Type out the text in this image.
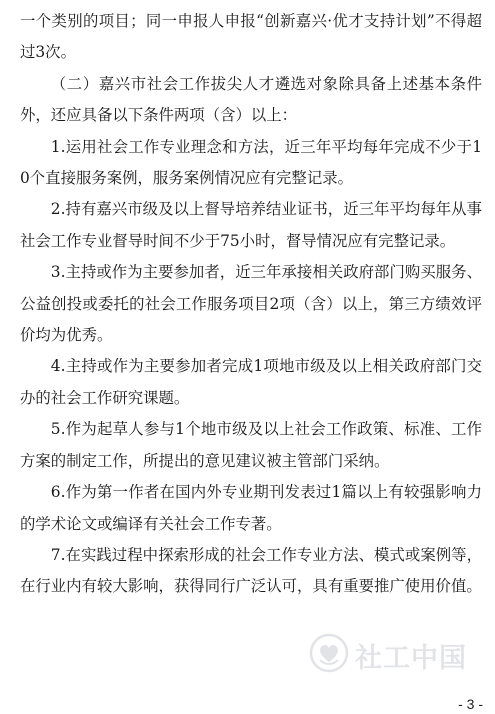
一个类别的项目；同一申报人申报“创新嘉兴·优才支持计划”不得超过3次。

（二）嘉兴市社会工作拔尖人才遴选对象除具备上述基本条件外，还应具备以下条件两项（含）以上：

1.运用社会工作专业理念和方法，近三年平均每年完成不少于10个直接服务案例，服务案例情况应有完整记录。

2.持有嘉兴市级及以上督导培养结业证书，近三年平均每年从事社会工作专业督导时间不少于75小时，督导情况应有完整记录。

3.主持或作为主要参加者，近三年承接相关政府部门购买服务、公益创投或委托的社会工作服务项目2项（含）以上，第三方绩效评价均为优秀。

4.主持或作为主要参加者完成1项地市级及以上相关政府部门交办的社会工作研究课题。

5.作为起草人参与1个地市级及以上社会工作政策、标准、工作方案的制定工作，所提出的意见建议被主管部门采纳。

6.作为第一作者在国内外专业期刊发表过1篇以上有较强影响力的学术论文或编译有关社会工作专著。

7.在实践过程中探索形成的社会工作专业方法、模式或案例等，在行业内有较大影响，获得同行广泛认可，具有重要推广使用价值。

社工中国
- 3 -
